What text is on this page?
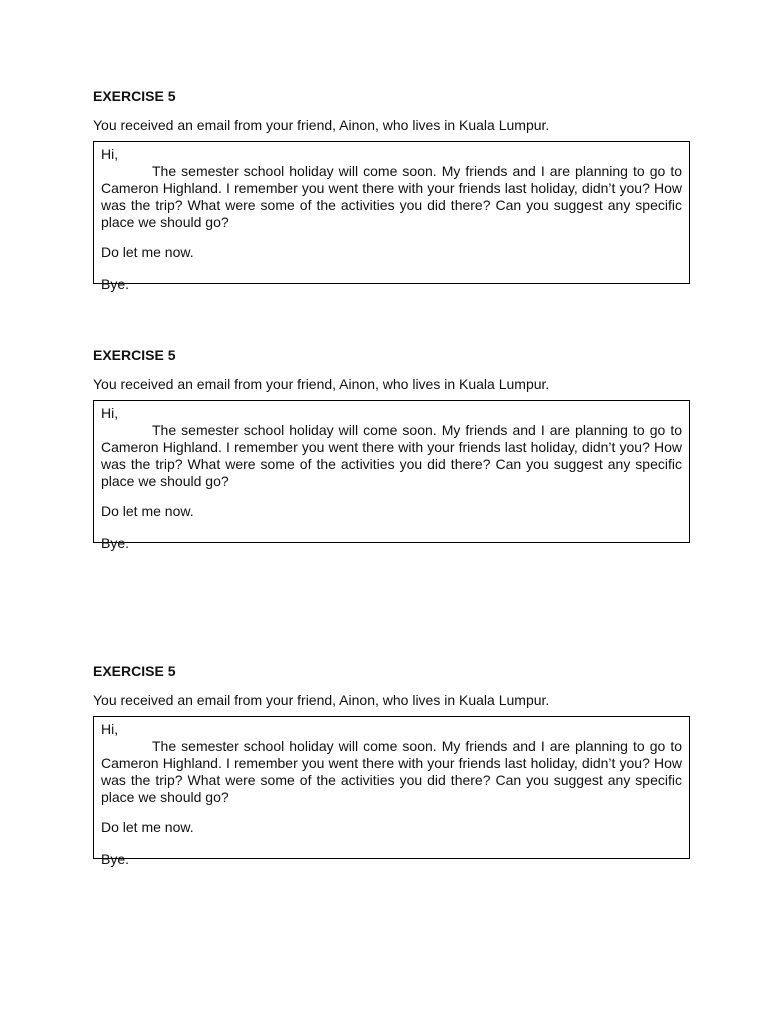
EXERCISE 5

You received an email from your friend, Ainon, who lives in Kuala Lumpur.

Hi,

The semester school holiday will come soon. My friends and I are planning to go to Cameron Highland. I remember you went there with your friends last holiday, didn’t you? How was the trip? What were some of the activities you did there? Can you suggest any specific place we should go?

Do let me now.

Bye.

EXERCISE 5

You received an email from your friend, Ainon, who lives in Kuala Lumpur.

Hi,

The semester school holiday will come soon. My friends and I are planning to go to Cameron Highland. I remember you went there with your friends last holiday, didn’t you? How was the trip? What were some of the activities you did there? Can you suggest any specific place we should go?

Do let me now.

Bye.

EXERCISE 5

You received an email from your friend, Ainon, who lives in Kuala Lumpur.

Hi,

The semester school holiday will come soon. My friends and I are planning to go to Cameron Highland. I remember you went there with your friends last holiday, didn’t you? How was the trip? What were some of the activities you did there? Can you suggest any specific place we should go?

Do let me now.

Bye.
